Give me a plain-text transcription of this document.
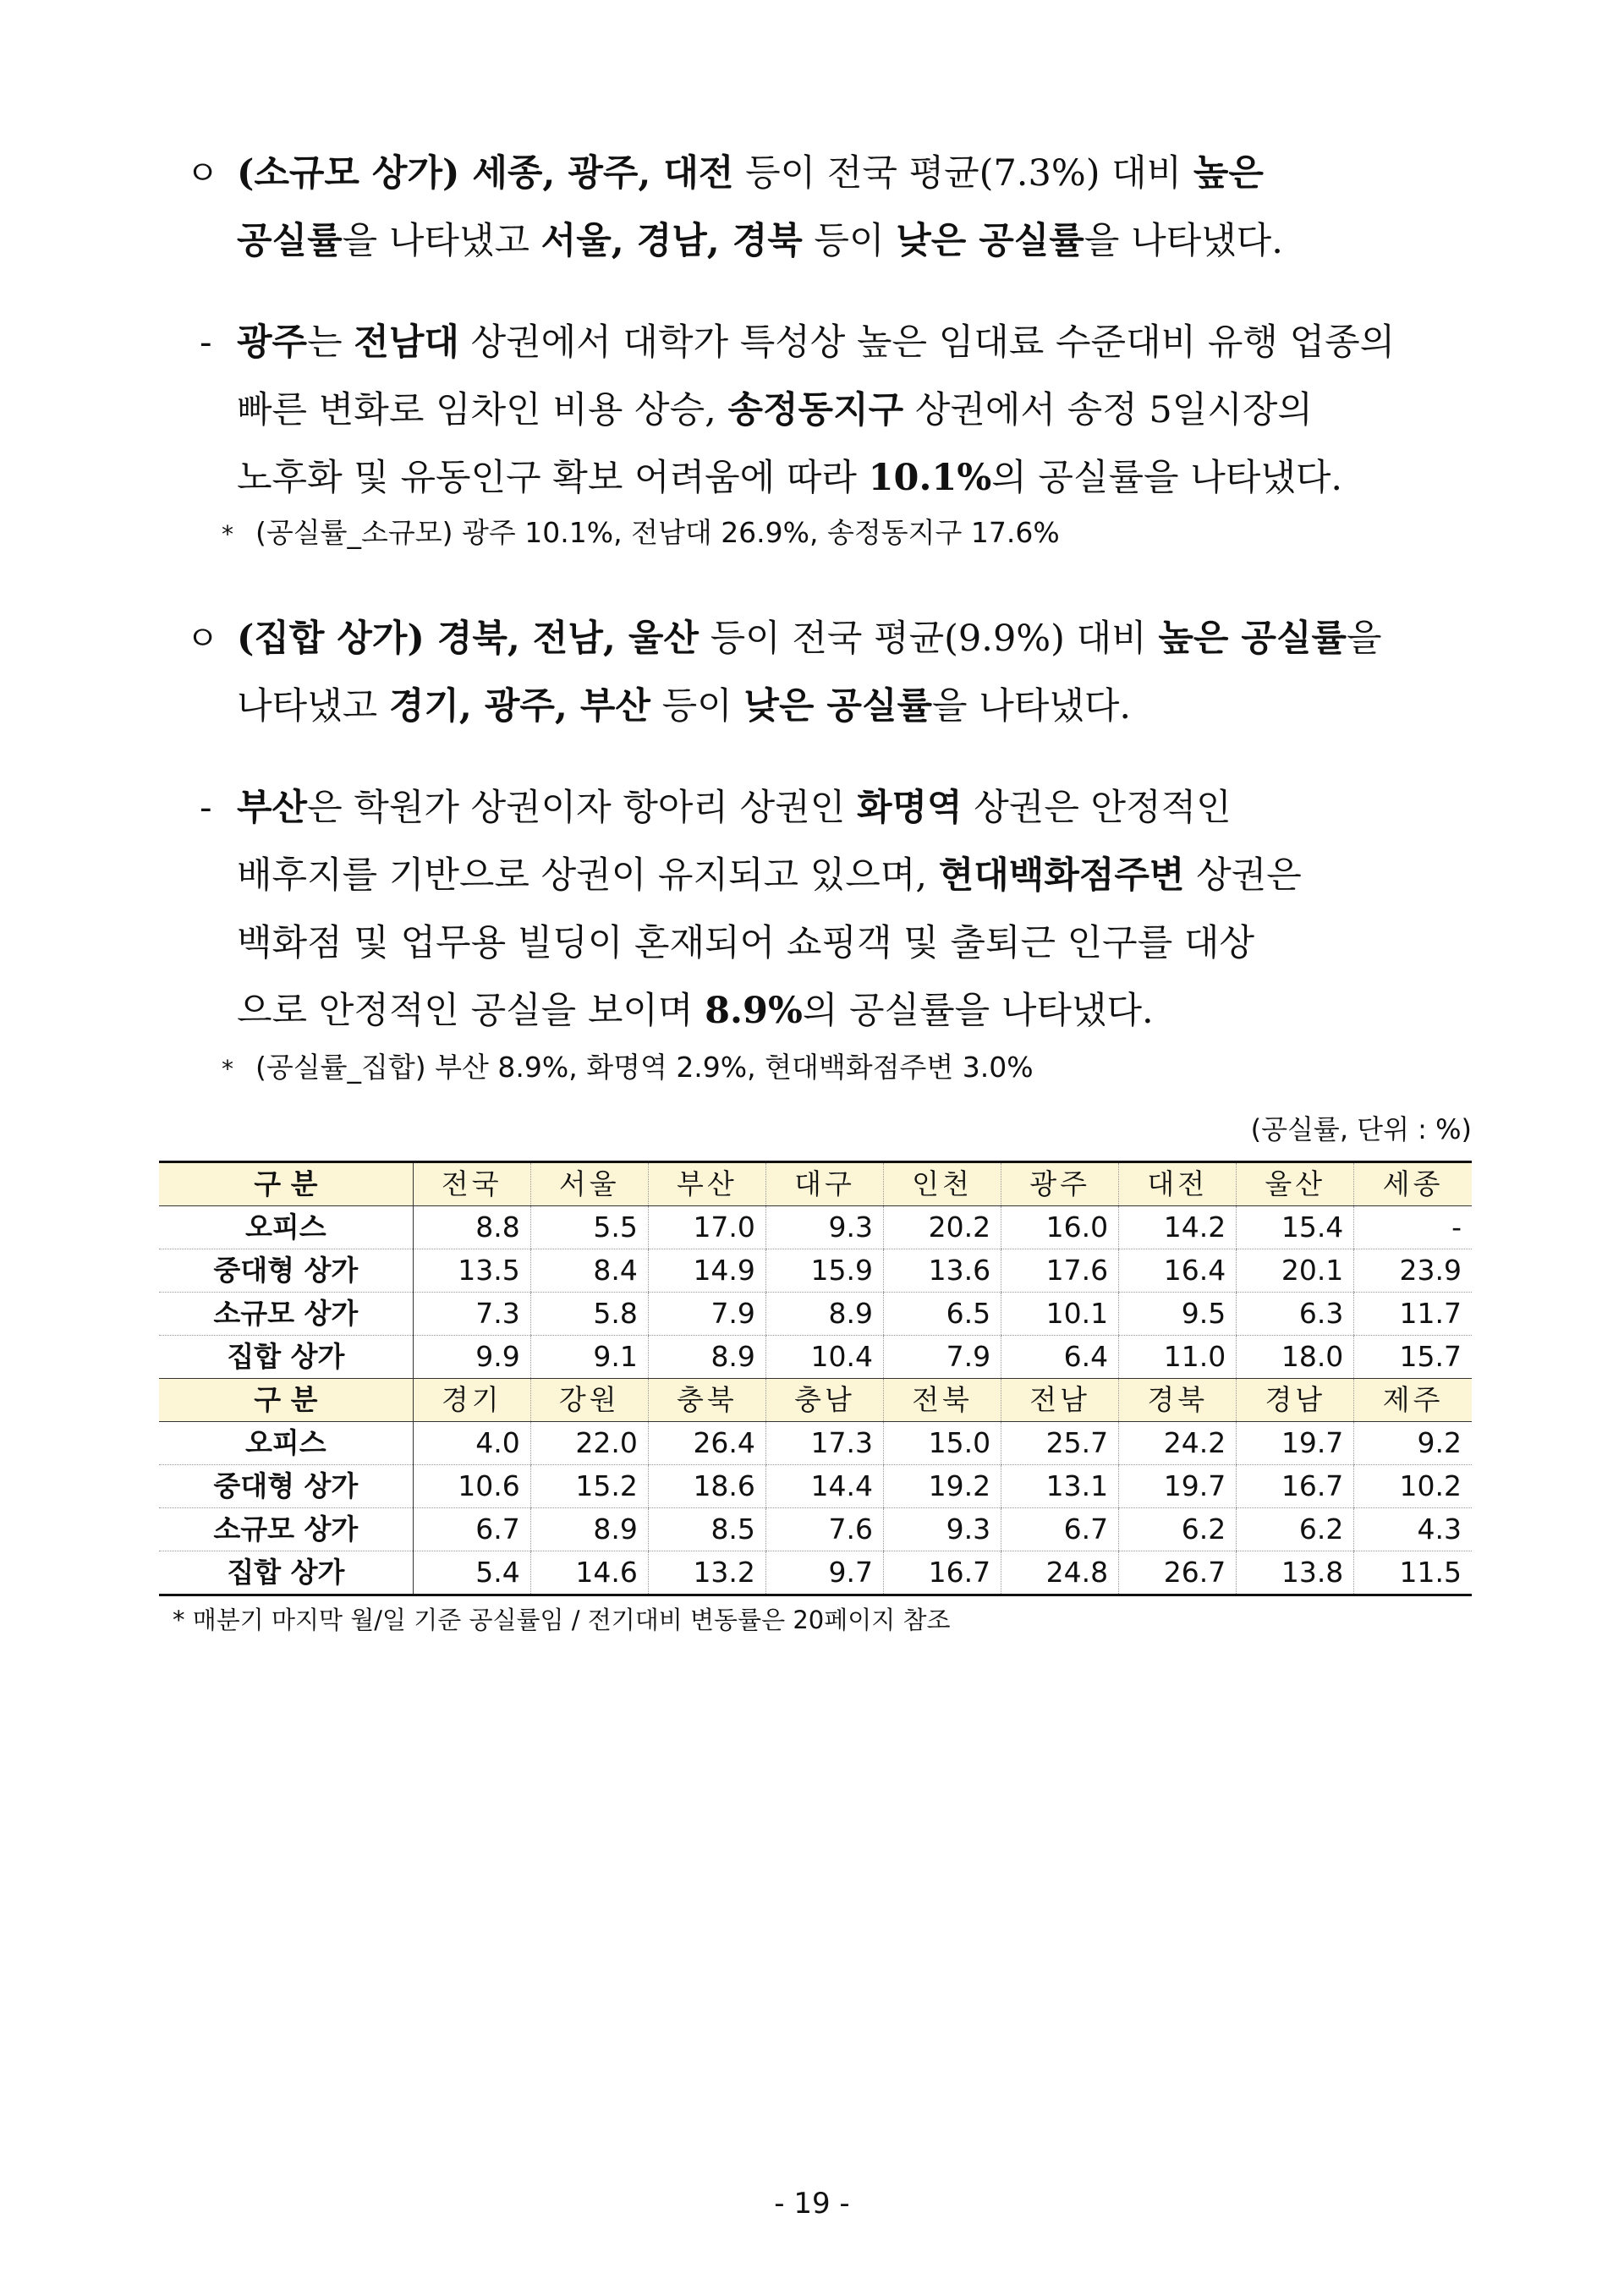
ㅇ (소규모 상가) 세종, 광주, 대전 등이 전국 평균(7.3%) 대비 높은
공실률을 나타냈고 서울, 경남, 경북 등이 낮은 공실률을 나타냈다.
- 광주는 전남대 상권에서 대학가 특성상 높은 임대료 수준대비 유행 업종의
빠른 변화로 임차인 비용 상승, 송정동지구 상권에서 송정 5일시장의
노후화 및 유동인구 확보 어려움에 따라 10.1%의 공실률을 나타냈다.
* (공실률_소규모) 광주 10.1%, 전남대 26.9%, 송정동지구 17.6%
ㅇ (집합 상가) 경북, 전남, 울산 등이 전국 평균(9.9%) 대비 높은 공실률을
나타냈고 경기, 광주, 부산 등이 낮은 공실률을 나타냈다.
- 부산은 학원가 상권이자 항아리 상권인 화명역 상권은 안정적인
배후지를 기반으로 상권이 유지되고 있으며, 현대백화점주변 상권은
백화점 및 업무용 빌딩이 혼재되어 쇼핑객 및 출퇴근 인구를 대상
으로 안정적인 공실을 보이며 8.9%의 공실률을 나타냈다.
* (공실률_집합) 부산 8.9%, 화명역 2.9%, 현대백화점주변 3.0%
(공실률, 단위 : %)
구 분	전국	서울	부산	대구	인천	광주	대전	울산	세종
오피스	8.8	5.5	17.0	9.3	20.2	16.0	14.2	15.4	-
중대형 상가	13.5	8.4	14.9	15.9	13.6	17.6	16.4	20.1	23.9
소규모 상가	7.3	5.8	7.9	8.9	6.5	10.1	9.5	6.3	11.7
집합 상가	9.9	9.1	8.9	10.4	7.9	6.4	11.0	18.0	15.7
구 분	경기	강원	충북	충남	전북	전남	경북	경남	제주
오피스	4.0	22.0	26.4	17.3	15.0	25.7	24.2	19.7	9.2
중대형 상가	10.6	15.2	18.6	14.4	19.2	13.1	19.7	16.7	10.2
소규모 상가	6.7	8.9	8.5	7.6	9.3	6.7	6.2	6.2	4.3
집합 상가	5.4	14.6	13.2	9.7	16.7	24.8	26.7	13.8	11.5
* 매분기 마지막 월/일 기준 공실률임 / 전기대비 변동률은 20페이지 참조
- 19 -
